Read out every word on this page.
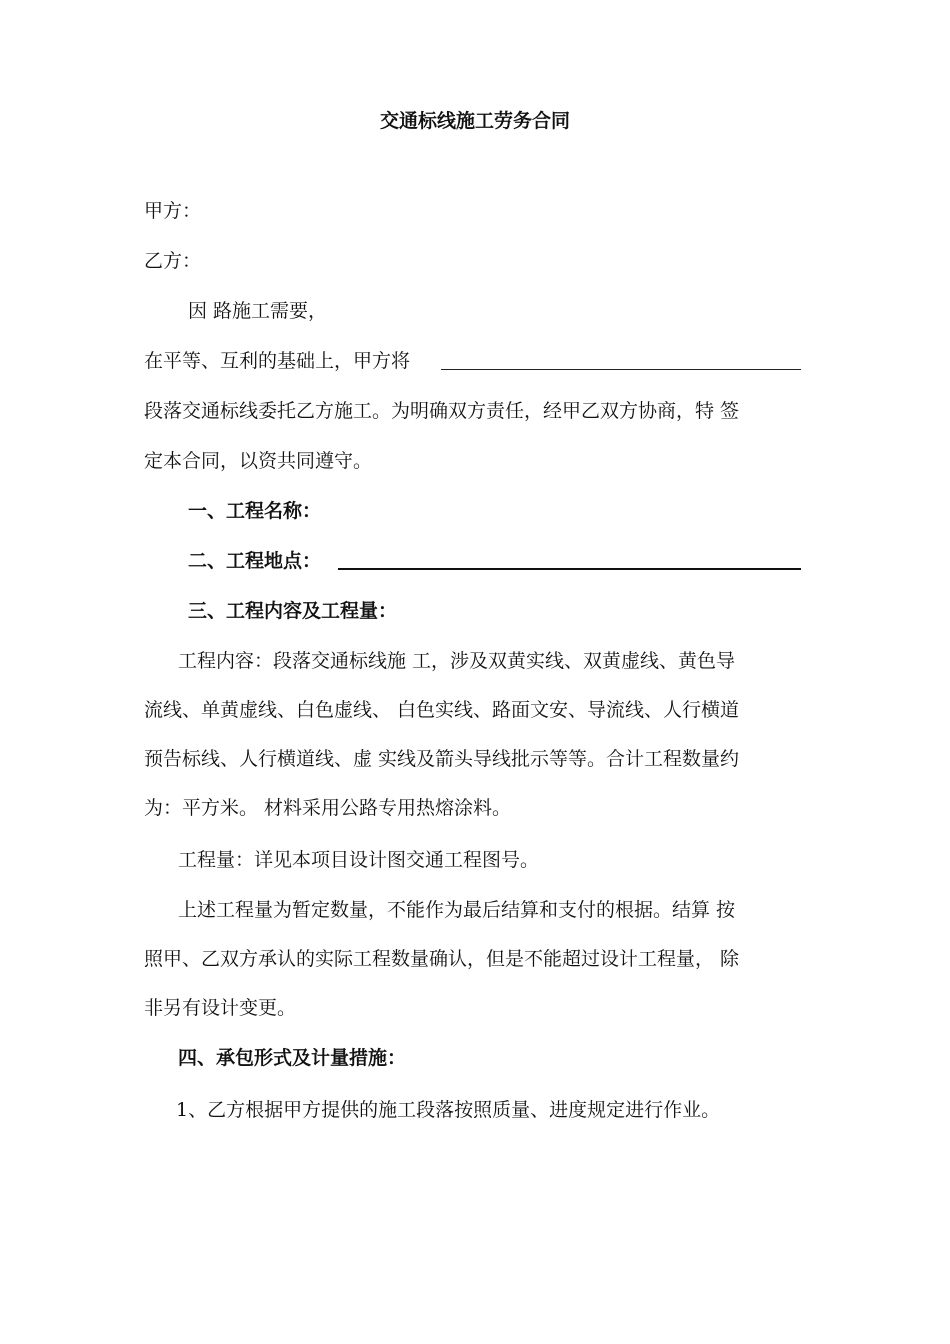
交通标线施工劳务合同
甲方：
乙方：
因 路施工需要，
在平等、互利的基础上，甲方将
段落交通标线委托乙方施工。为明确双方责任，经甲乙双方协商，特 签
定本合同，以资共同遵守。
一、工程名称：
二、工程地点：
三、工程内容及工程量：
工程内容：段落交通标线施 工，涉及双黄实线、双黄虚线、黄色导
流线、单黄虚线、白色虚线、 白色实线、路面文安、导流线、人行横道
预告标线、人行横道线、虚 实线及箭头导线批示等等。合计工程数量约
为：平方米。 材料采用公路专用热熔涂料。
工程量：详见本项目设计图交通工程图号。
上述工程量为暂定数量，不能作为最后结算和支付的根据。结算 按
照甲、乙双方承认的实际工程数量确认，但是不能超过设计工程量， 除
非另有设计变更。
四、承包形式及计量措施：
1、乙方根据甲方提供的施工段落按照质量、进度规定进行作业。
